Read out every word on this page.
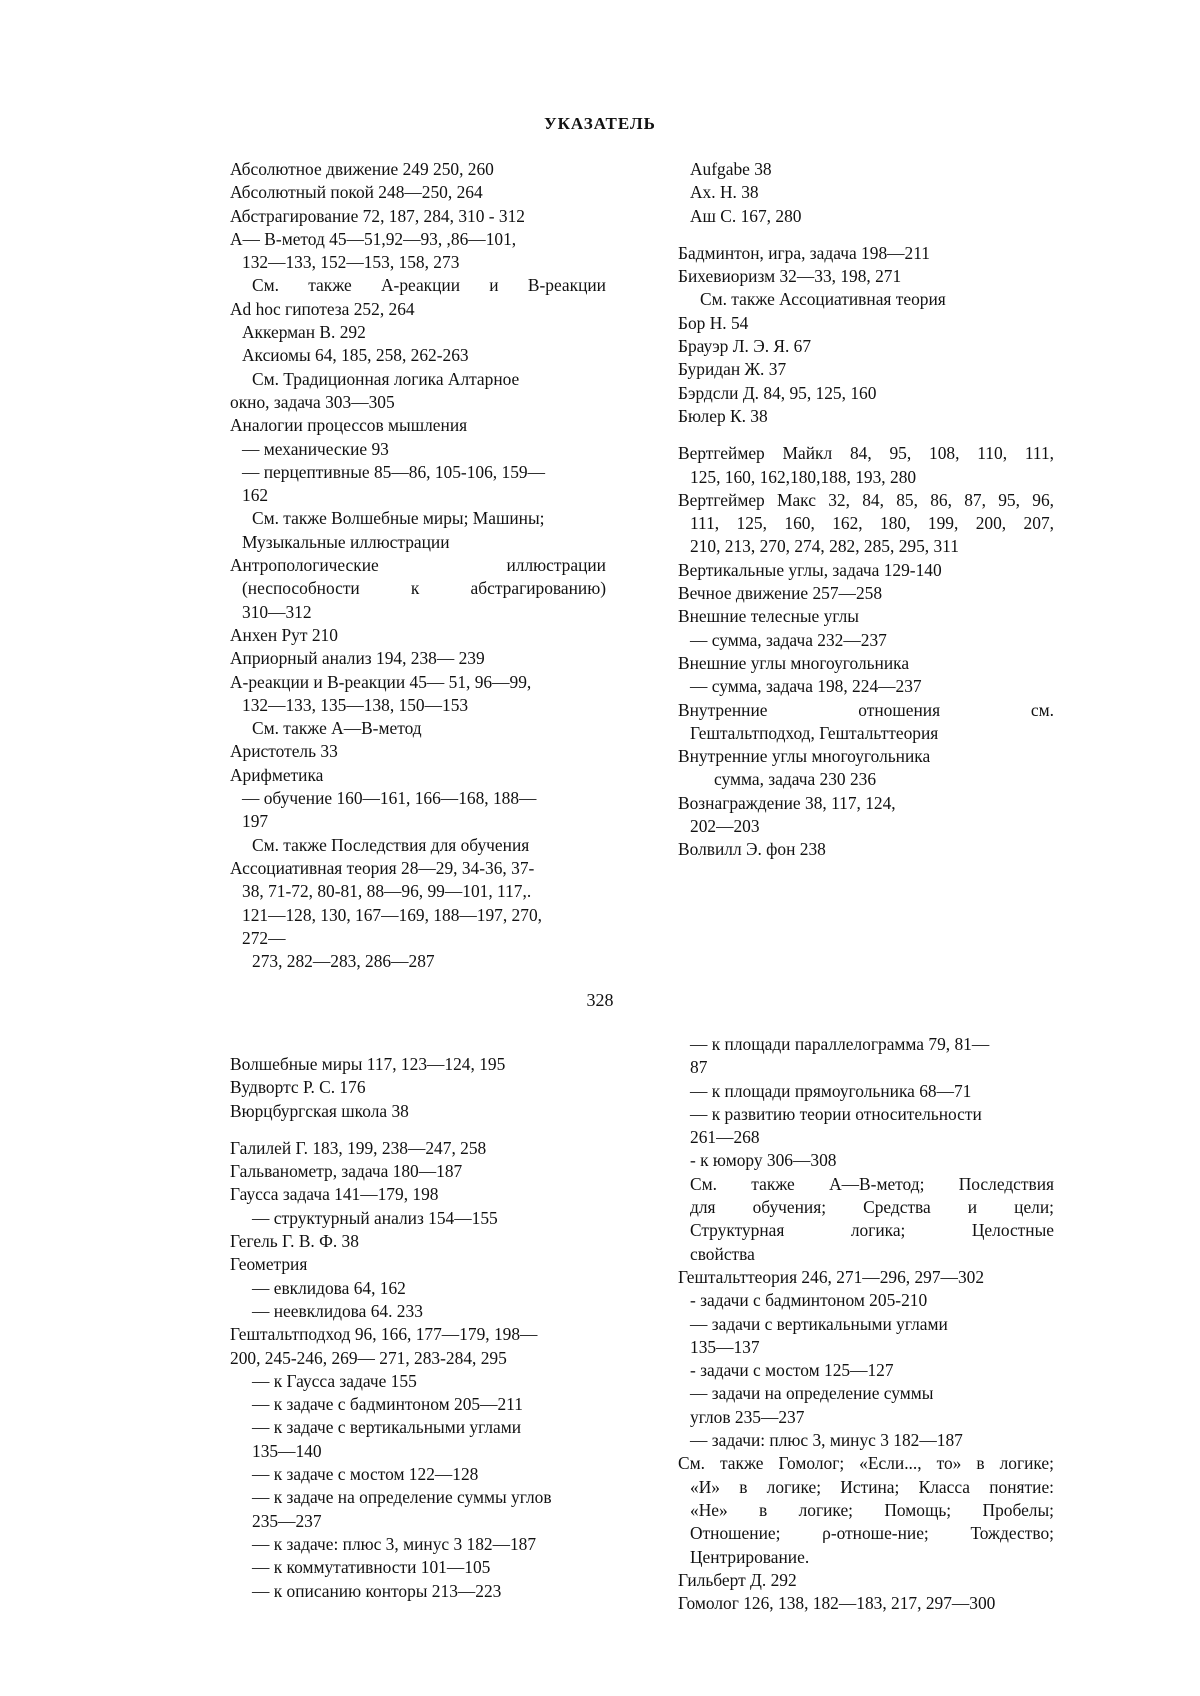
УКАЗАТЕЛЬ
Абсолютное движение 249 250, 260
Абсолютный покой 248—250, 264
Абстрагирование 72, 187, 284, 310 - 312
A— B-метод 45—51,92—93, ,86—101,
132—133, 152—153, 158, 273
См. также A-реакции и B-реакции
Ad hoc гипотеза 252, 264
Аккерман В. 292
Аксиомы 64, 185, 258, 262-263
См. Традиционная логика Алтарное
окно, задача 303—305
Аналогии процессов мышления
— механические 93
— перцептивные 85—86, 105-106, 159—
162
См. также Волшебные миры; Машины;
Музыкальные иллюстрации
Антропологические иллюстрации
(неспособности к абстрагированию)
310—312
Анхен Рут 210
Априорный анализ 194, 238— 239
A-реакции и B-реакции 45— 51, 96—99,
132—133, 135—138, 150—153
См. также A—B-метод
Аристотель 33
Арифметика
— обучение 160—161, 166—168, 188—
197
См. также Последствия для обучения
Ассоциативная теория 28—29, 34-36, 37-
38, 71-72, 80-81, 88—96, 99—101, 117,.
121—128, 130, 167—169, 188—197, 270,
272—
273, 282—283, 286—287
Aufgabe 38
Ах. Н. 38
Аш С. 167, 280
Бадминтон, игра, задача 198—211
Бихевиоризм 32—33, 198, 271
См. также Ассоциативная теория
Бор Н. 54
Брауэр Л. Э. Я. 67
Буридан Ж. 37
Бэрдсли Д. 84, 95, 125, 160
Бюлер К. 38
Вертгеймер Майкл 84, 95, 108, 110, 111,
125, 160, 162,180,188, 193, 280
Вертгеймер Макс 32, 84, 85, 86, 87, 95, 96,
111, 125, 160, 162, 180, 199, 200, 207,
210, 213, 270, 274, 282, 285, 295, 311
Вертикальные углы, задача 129-140
Вечное движение 257—258
Внешние телесные углы
— сумма, задача 232—237
Внешние углы многоугольника
— сумма, задача 198, 224—237
Внутренние отношения см.
Гештальтподход, Гештальттеория
Внутренние углы многоугольника
сумма, задача 230 236
Вознаграждение 38, 117, 124,
202—203
Волвилл Э. фон 238
328
Волшебные миры 117, 123—124, 195
Вудвортс Р. С. 176
Вюрцбургская школа 38
Галилей Г. 183, 199, 238—247, 258
Гальванометр, задача 180—187
Гаусса задача 141—179, 198
— структурный анализ 154—155
Гегель Г. В. Ф. 38
Геометрия
— евклидова 64, 162
— неевклидова 64. 233
Гештальтподход 96, 166, 177—179, 198—
200, 245-246, 269— 271, 283-284, 295
— к Гаусса задаче 155
— к задаче с бадминтоном 205—211
— к задаче с вертикальными углами
135—140
— к задаче с мостом 122—128
— к задаче на определение суммы углов
235—237
— к задаче: плюс 3, минус 3 182—187
— к коммутативности 101—105
— к описанию конторы 213—223
— к площади параллелограмма 79, 81—
87
— к площади прямоугольника 68—71
— к развитию теории относительности
261—268
- к юмору 306—308
См. также A—B-метод; Последствия
для обучения; Средства и цели;
Структурная логика; Целостные
свойства
Гештальттеория 246, 271—296, 297—302
- задачи с бадминтоном 205-210
— задачи с вертикальными углами
135—137
- задачи с мостом 125—127
— задачи на определение суммы
углов 235—237
— задачи: плюс 3, минус 3 182—187
См. также Гомолог; «Если..., то» в логике;
«И» в логике; Истина; Класса понятие:
«Не» в логике; Помощь; Пробелы;
Отношение; ρ-отноше-ние; Тождество;
Центрирование.
Гильберт Д. 292
Гомолог 126, 138, 182—183, 217, 297—300
